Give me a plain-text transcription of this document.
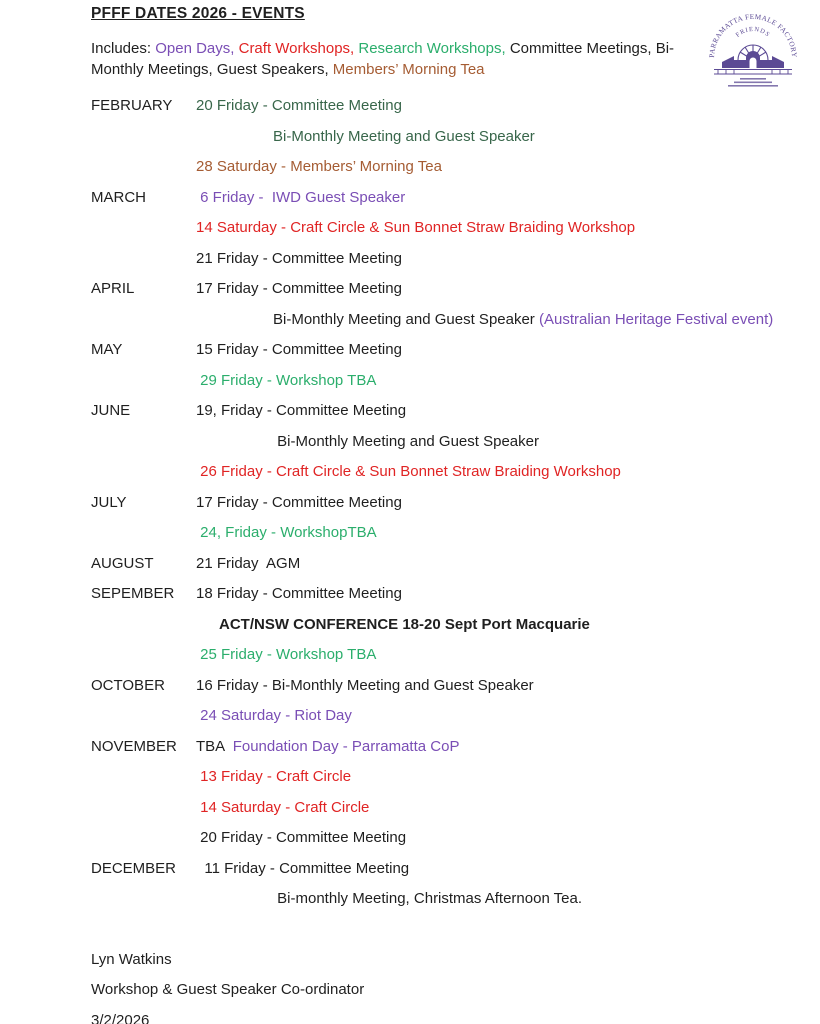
PFFF DATES 2026 - EVENTS
Includes: Open Days, Craft Workshops, Research Workshops, Committee Meetings, Bi-Monthly Meetings, Guest Speakers, Members’ Morning Tea
PARRAMATTA FEMALE FACTORY
FRIENDS
FEBRUARY 20 Friday - Committee Meeting
Bi-Monthly Meeting and Guest Speaker
28 Saturday - Members’ Morning Tea
MARCH	6 Friday -  IWD Guest Speaker
14 Saturday - Craft Circle & Sun Bonnet Straw Braiding Workshop
21 Friday - Committee Meeting
APRIL	17 Friday - Committee Meeting
Bi-Monthly Meeting and Guest Speaker (Australian Heritage Festival event)
MAY	15 Friday - Committee Meeting
29 Friday - Workshop TBA
JUNE	19, Friday - Committee Meeting
Bi-Monthly Meeting and Guest Speaker
26 Friday - Craft Circle & Sun Bonnet Straw Braiding Workshop
JULY	17 Friday - Committee Meeting
24, Friday - WorkshopTBA
AUGUST	21 Friday  AGM
SEPEMBER 18 Friday - Committee Meeting
ACT/NSW CONFERENCE 18-20 Sept Port Macquarie
25 Friday - Workshop TBA
OCTOBER 16 Friday - Bi-Monthly Meeting and Guest Speaker
24 Saturday - Riot Day
NOVEMBER TBA  Foundation Day - Parramatta CoP
13 Friday - Craft Circle
14 Saturday - Craft Circle
20 Friday - Committee Meeting
DECEMBER 11 Friday - Committee Meeting
Bi-monthly Meeting, Christmas Afternoon Tea.
Lyn Watkins
Workshop & Guest Speaker Co-ordinator
3/2/2026
